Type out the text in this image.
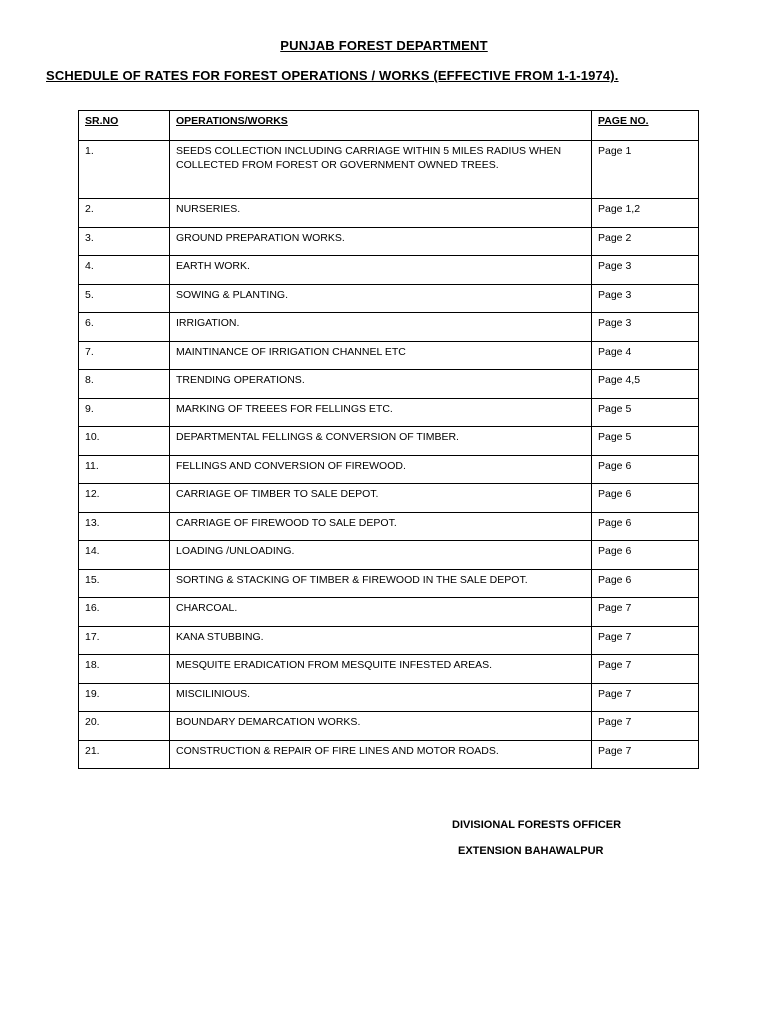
PUNJAB FOREST DEPARTMENT
SCHEDULE OF RATES FOR FOREST OPERATIONS / WORKS (EFFECTIVE FROM 1-1-1974).
SR.NO	OPERATIONS/WORKS	PAGE NO.
1.	SEEDS COLLECTION INCLUDING CARRIAGE WITHIN 5 MILES RADIUS WHEN COLLECTED FROM FOREST OR GOVERNMENT OWNED TREES.	Page 1
2.	NURSERIES.	Page 1,2
3.	GROUND PREPARATION WORKS.	Page 2
4.	EARTH WORK.	Page 3
5.	SOWING & PLANTING.	Page 3
6.	IRRIGATION.	Page 3
7.	MAINTINANCE OF IRRIGATION CHANNEL ETC	Page 4
8.	TRENDING OPERATIONS.	Page 4,5
9.	MARKING OF TREEES FOR FELLINGS ETC.	Page 5
10.	DEPARTMENTAL FELLINGS & CONVERSION OF TIMBER.	Page 5
11.	FELLINGS AND CONVERSION OF FIREWOOD.	Page 6
12.	CARRIAGE OF TIMBER TO SALE DEPOT.	Page 6
13.	CARRIAGE OF FIREWOOD TO SALE DEPOT.	Page 6
14.	LOADING /UNLOADING.	Page 6
15.	SORTING & STACKING OF TIMBER & FIREWOOD IN THE SALE DEPOT.	Page 6
16.	CHARCOAL.	Page 7
17.	KANA STUBBING.	Page 7
18.	MESQUITE ERADICATION FROM MESQUITE INFESTED AREAS.	Page 7
19.	MISCILINIOUS.	Page 7
20.	BOUNDARY DEMARCATION WORKS.	Page 7
21.	CONSTRUCTION & REPAIR OF FIRE LINES AND MOTOR ROADS.	Page 7
DIVISIONAL FORESTS OFFICER
EXTENSION BAHAWALPUR
